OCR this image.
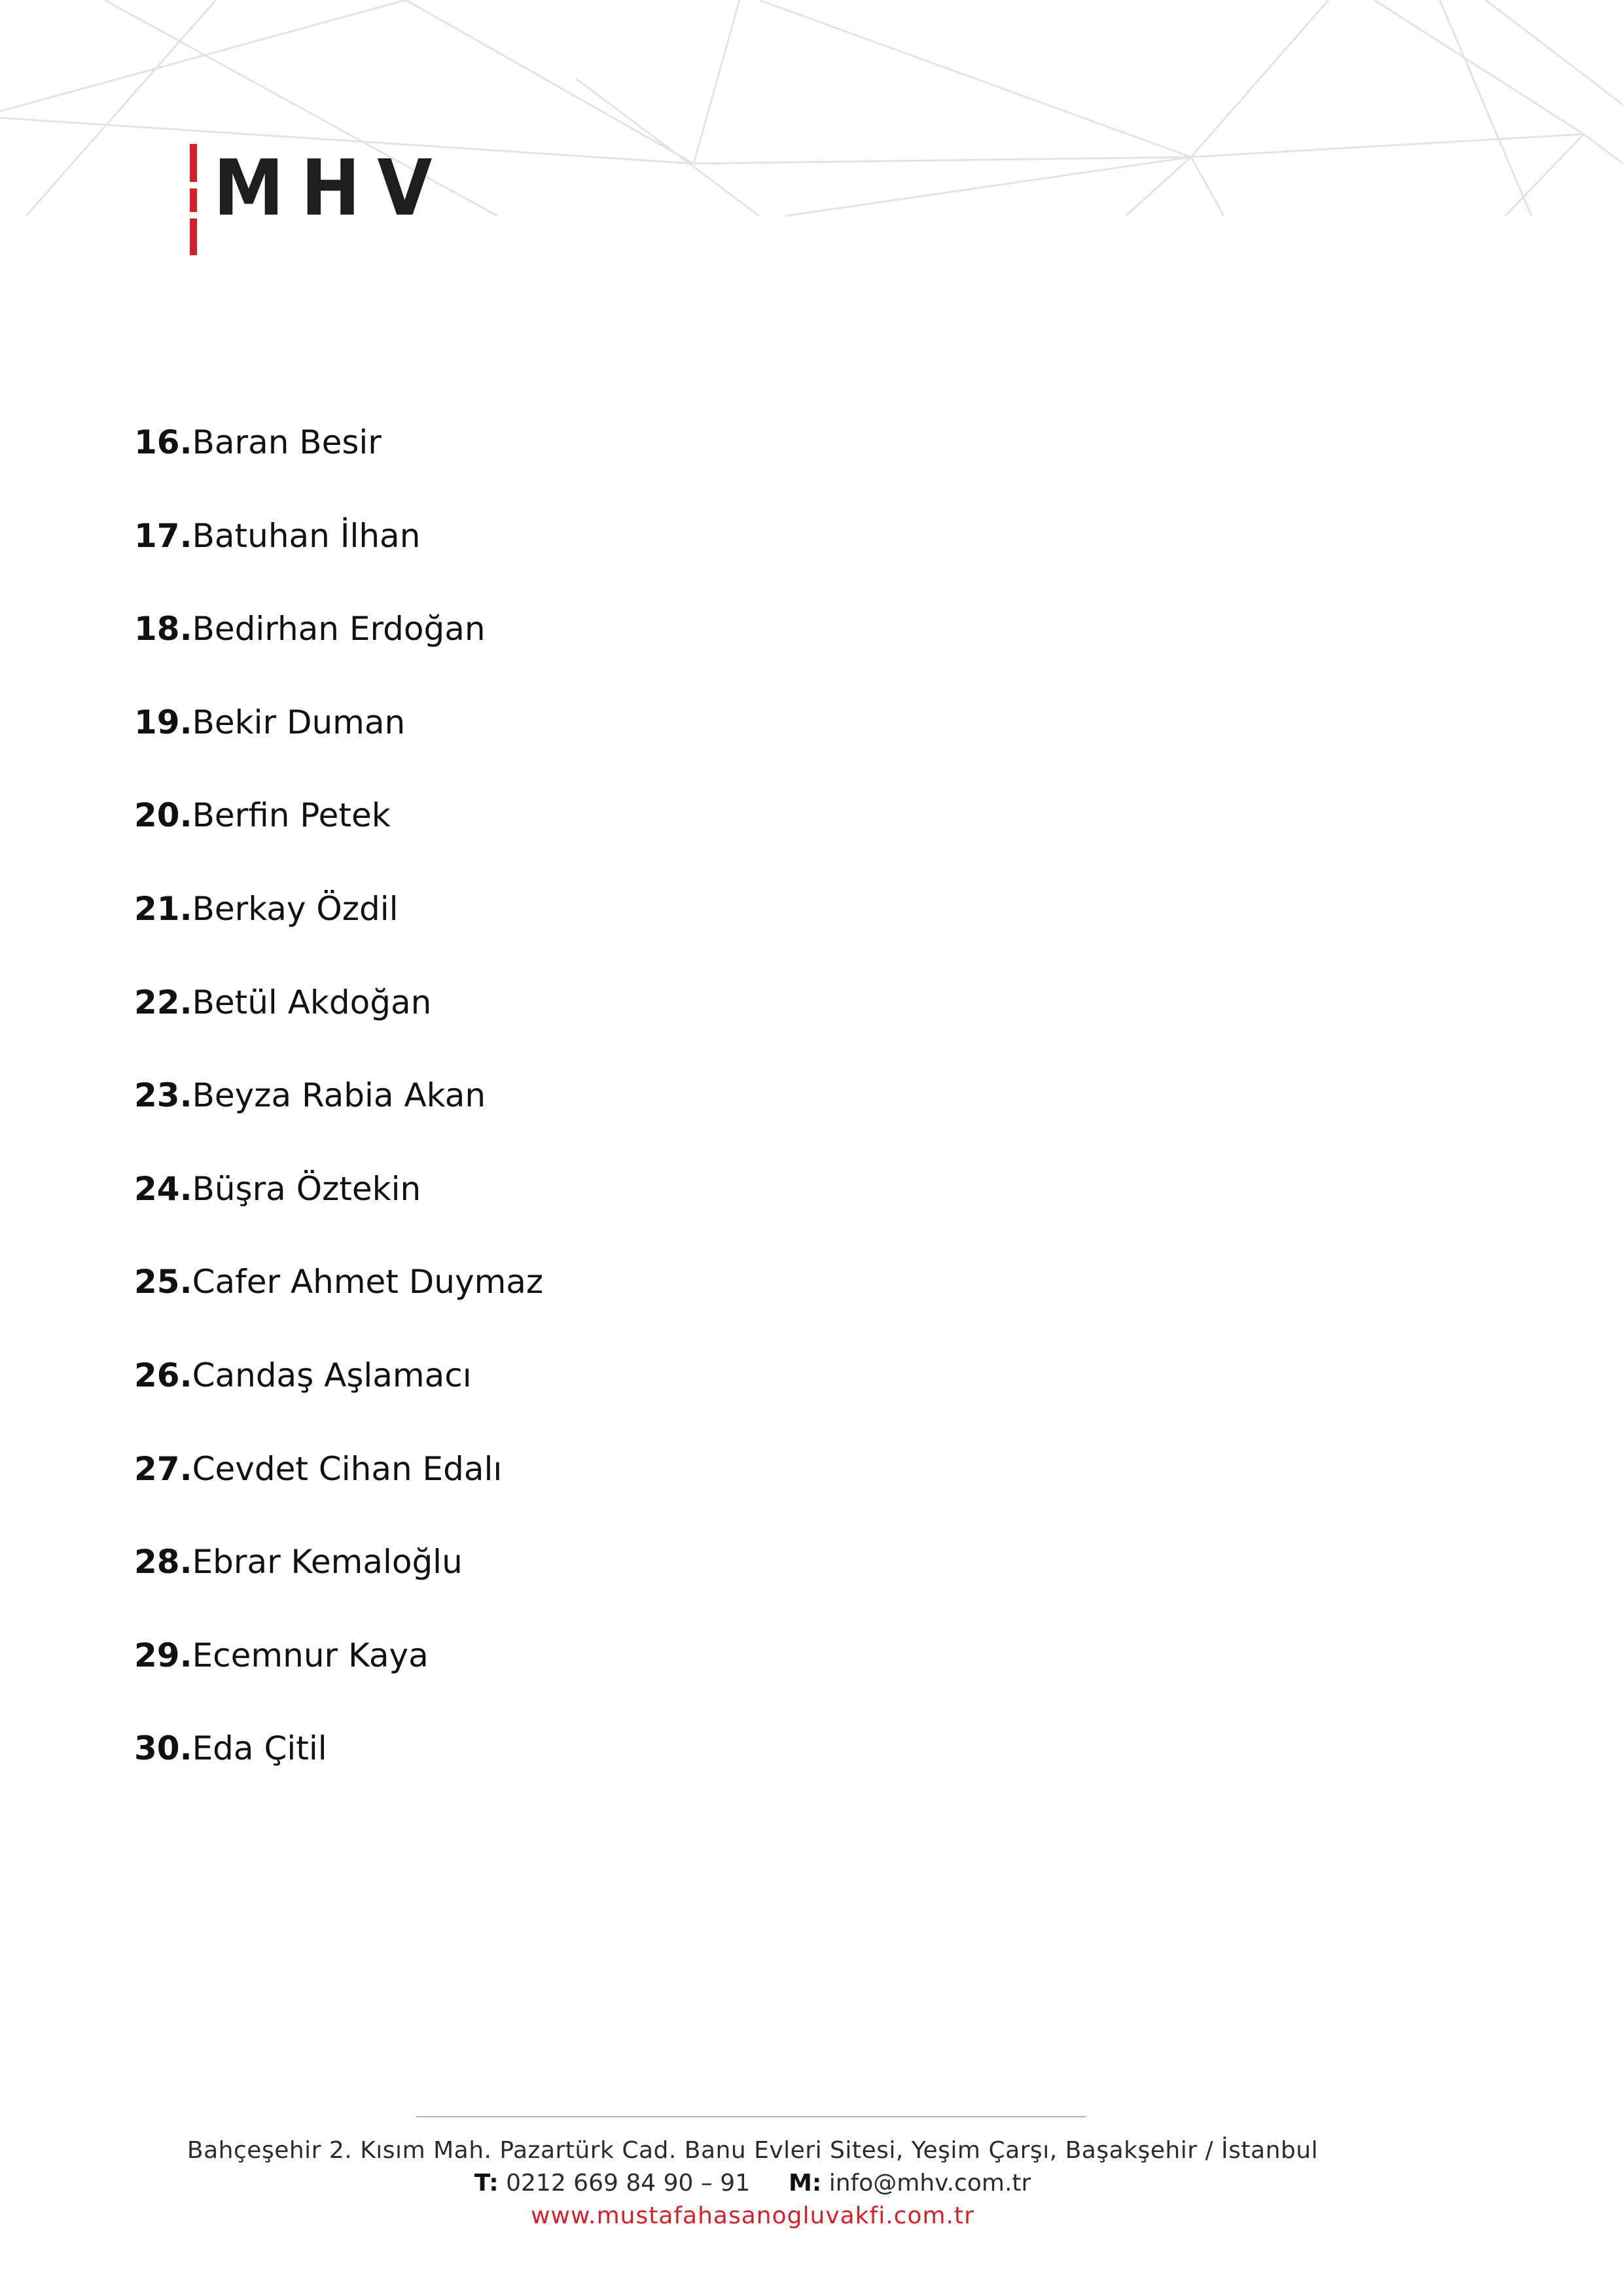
MHV
16.Baran Besir
17.Batuhan İlhan
18.Bedirhan Erdoğan
19.Bekir Duman
20.Berfin Petek
21.Berkay Özdil
22.Betül Akdoğan
23.Beyza Rabia Akan
24.Büşra Öztekin
25.Cafer Ahmet Duymaz
26.Candaş Aşlamacı
27.Cevdet Cihan Edalı
28.Ebrar Kemaloğlu
29.Ecemnur Kaya
30.Eda Çitil
Bahçeşehir 2. Kısım Mah. Pazartürk Cad. Banu Evleri Sitesi, Yeşim Çarşı, Başakşehir / İstanbul
T: 0212 669 84 90 – 91 M: info@mhv.com.tr
www.mustafahasanogluvakfi.com.tr
